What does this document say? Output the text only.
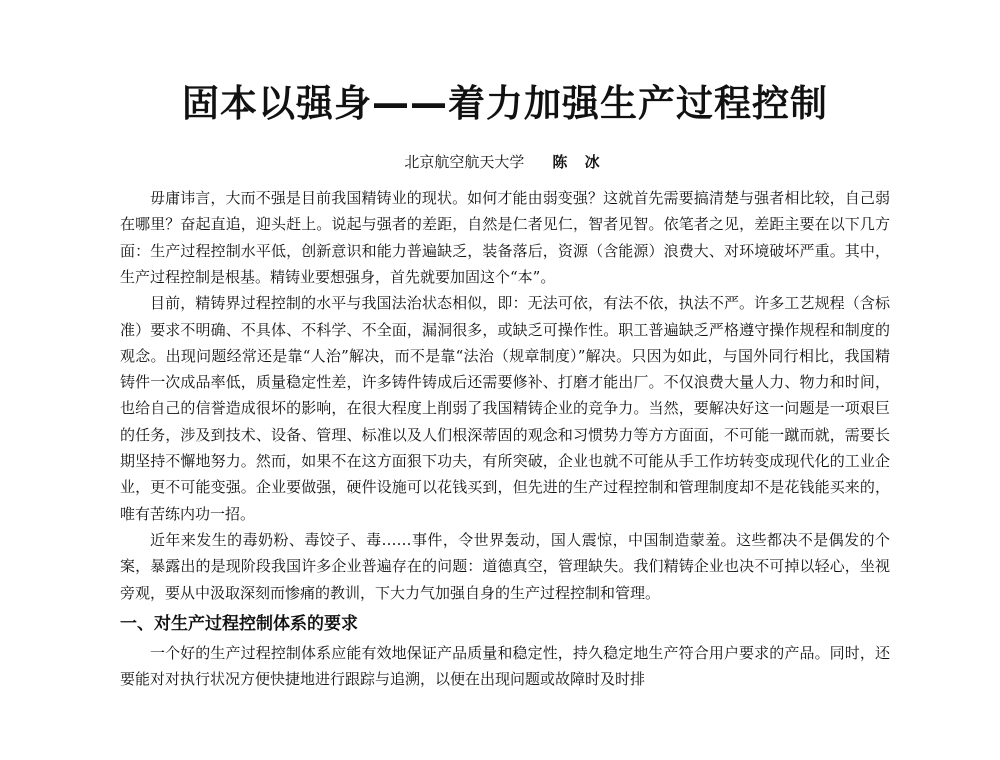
固本以强身——着力加强生产过程控制
北京航空航天大学 陈 冰

毋庸讳言，大而不强是目前我国精铸业的现状。如何才能由弱变强？这就首先需要搞清楚与强者相比较，自己弱在哪里？奋起直追，迎头赶上。说起与强者的差距，自然是仁者见仁，智者见智。依笔者之见，差距主要在以下几方面：生产过程控制水平低，创新意识和能力普遍缺乏，装备落后，资源（含能源）浪费大、对环境破坏严重。其中，生产过程控制是根基。精铸业要想强身，首先就要加固这个“本”。

目前，精铸界过程控制的水平与我国法治状态相似，即：无法可依，有法不依，执法不严。许多工艺规程（含标准）要求不明确、不具体、不科学、不全面，漏洞很多，或缺乏可操作性。职工普遍缺乏严格遵守操作规程和制度的观念。出现问题经常还是靠“人治”解决，而不是靠“法治（规章制度）”解决。只因为如此，与国外同行相比，我国精铸件一次成品率低，质量稳定性差，许多铸件铸成后还需要修补、打磨才能出厂。不仅浪费大量人力、物力和时间，也给自己的信誉造成很坏的影响，在很大程度上削弱了我国精铸企业的竞争力。当然，要解决好这一问题是一项艰巨的任务，涉及到技术、设备、管理、标准以及人们根深蒂固的观念和习惯势力等方方面面，不可能一蹴而就，需要长期坚持不懈地努力。然而，如果不在这方面狠下功夫，有所突破，企业也就不可能从手工作坊转变成现代化的工业企业，更不可能变强。企业要做强，硬件设施可以花钱买到，但先进的生产过程控制和管理制度却不是花钱能买来的，唯有苦练内功一招。

近年来发生的毒奶粉、毒饺子、毒……事件，令世界轰动，国人震惊，中国制造蒙羞。这些都决不是偶发的个案，暴露出的是现阶段我国许多企业普遍存在的问题：道德真空，管理缺失。我们精铸企业也决不可掉以轻心，坐视旁观，要从中汲取深刻而惨痛的教训，下大力气加强自身的生产过程控制和管理。

一、对生产过程控制体系的要求

一个好的生产过程控制体系应能有效地保证产品质量和稳定性，持久稳定地生产符合用户要求的产品。同时，还要能对对执行状况方便快捷地进行跟踪与追溯，以便在出现问题或故障时及时排
